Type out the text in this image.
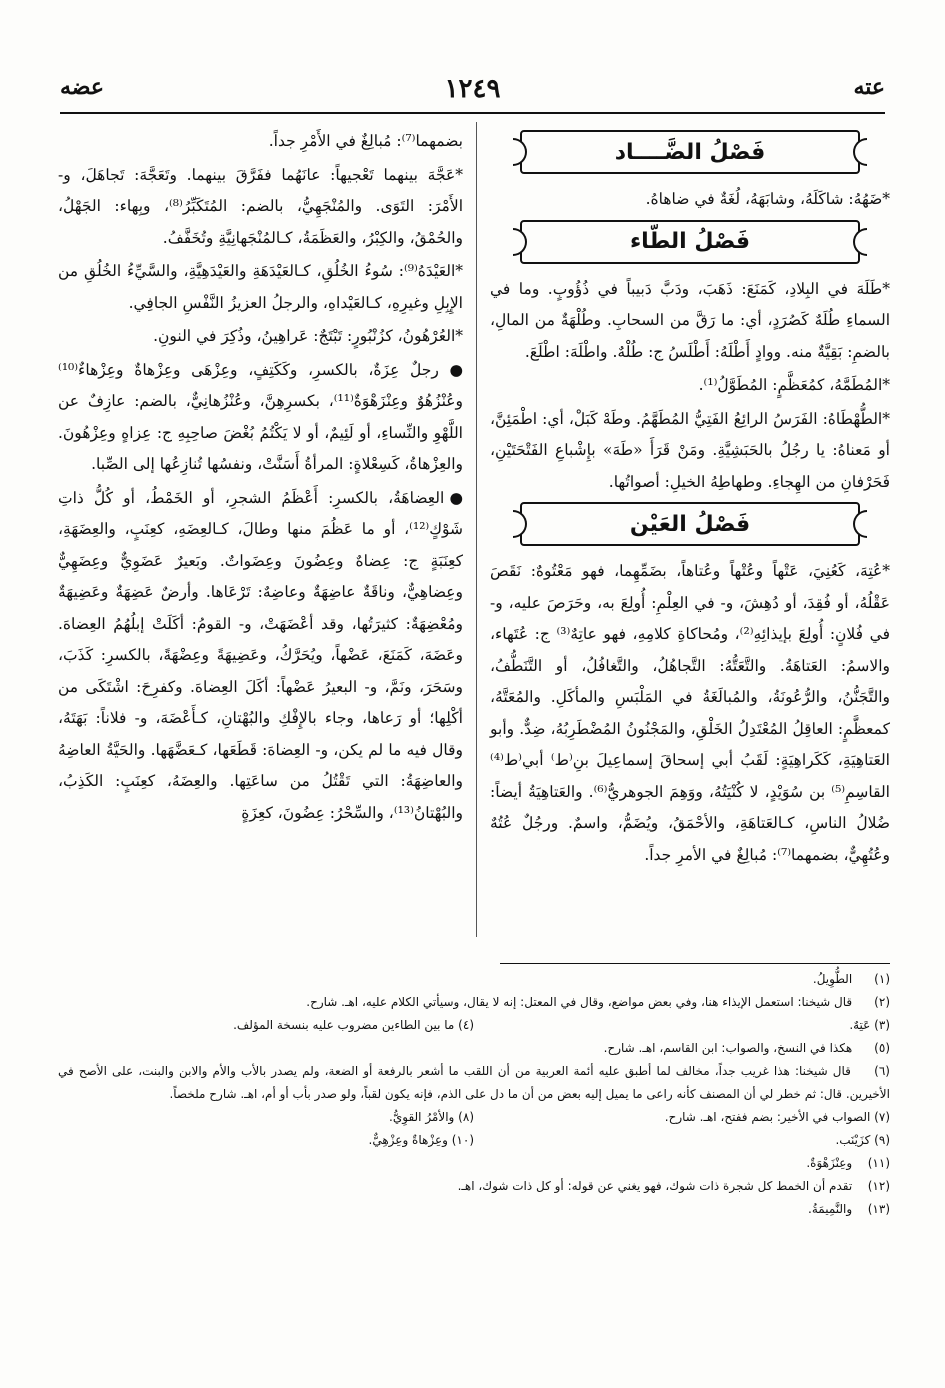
عضه	١٢٤٩	عته
فَصْلُ الضَّــــاد

*ضَهُهُ: شاكَلَهُ، وشابَهَهُ، لُغَةٌ في ضاهاهُ.

فَصْلُ الطّاء

*طَلَهَ في البِلادِ، كَمَنَعَ: ذَهَبَ، ودَبَّ دَبيباً في ذُؤُوبٍ. وما في السماءِ طُلَهٌ كَصُرَدٍ، أي: ما رَقَّ من السحابِ. وطُلْهَةٌ من المالِ، بالضمِ: بَقِيَّةٌ منه. ووادٍ أَطْلَهُ: أَطْلَسُ ج: طُلْهٌ. واطْلَهَ: اطْلَعَ.

*المُطَمَّهُ، كمُعَظَّمٍ: المُطَوَّلُ⁽¹⁾.

*الطُّهْطَاهُ: الفَرَسُ الرائِعُ الفَتِيُّ المُطَهَّمُ. وطَهْ كَبَلْ، أي: اطْمَئِنَّ، أو مَعناهُ: يا رجُلُ بالحَبَشِيَّةِ. ومَنْ قَرَأَ «طَهَ» بإِشْباعِ الفَتْحَتَيْنِ، فَحَرْفانِ من الهِجاءِ. وطهاطِهُ الخيلِ: أصواتُها.

فَصْلُ العَيْن

*عُتِهَ، كَعُنِيَ، عَتْهاً وعُتْهاً وعُتاهاً، بضَمِّهِما، فهو مَعْتُوهٌ: نَقَصَ عَقْلُهُ، أو فُقِدَ، أو دُهِشَ، و- في العِلْمِ: أُولِعَ به، وحَرَصَ عليه، و- في فُلانٍ: أُولِعَ بإيذائِهِ⁽²⁾، ومُحاكاةِ كلامِهِ، فهو عاتِهٌ⁽³⁾ ج: عُتَهاء، والاسمُ: العَتاهَةُ. والتَّعَتُّهُ: التَّجاهُلُ، والتَّغافُلُ، أو التَّنَطُّفُ، والتَّجَنُّنُ، والرُّعُونَةُ، والمُبالَغَةُ في المَلْبَسِ والمأكَلِ. والمُعَتَّهُ، كمعظَّمٍ: العاقِلُ المُعْتَدِلُ الخَلْقِ، والمَجْنُونُ المُضْطَرِبُهُ، ضِدٌّ. وأبو العَتاهِيَةِ، كَكَراهِيَةٍ: لَقَبُ أبي إسحاقَ إسماعِيلَ بنِ⁽ط⁾ أبي⁽ط⁽⁴⁾ القاسِمِ⁽⁵⁾ بن سُوَيْدٍ، لا كُنْيَتُهُ، ووَهِمَ الجوهريُّ⁽⁶⁾. والعَتاهِيَةُ أيضاً: ضُلالُ الناسِ، كـالعَتاهَةِ، والأحْمَقُ، ويُضَمُّ، واسمٌ. ورجُلٌ عُتُهٌ وعُتُهِيٌّ، بضمهما⁽⁷⁾: مُبالِغٌ في الأمرِ جداً.

بضمهما⁽⁷⁾: مُبالِغٌ في الأَمْرِ جداً.

*عَجَّهَ بينهما تَعْجيهاً: عانَهُما ففَرَّقَ بينهما. وتَعَجَّهَ: تَجاهَلَ، و- الأَمْرَ: التَوَى. والمُنْجَهِيُّ، بالضم: المُتَكَبِّرُ⁽⁸⁾، وبِهاء: الجَهْلُ، والحُمْقُ، والكِبْرُ، والعَظَمَةُ، كـالمُنْجَهانِيَّةِ وتُخَفَّفُ.

*العَيْدَهُ⁽⁹⁾: سُوءُ الخُلُقِ، كـالعَيْدَهَةِ والعَيْدَهِيَّةِ، والسَّيِّءُ الخُلُقِ من الإِبِلِ وغيرِهِ، كـالعَيْداهِ، والرجلُ العزيزُ النَّفْسِ الجافِي.

*العُرْهُونُ، كزُنْبُورٍ: تَبْتَجٌ: عَراهِينُ، وذُكِرَ في النونِ.

● رجلٌ عِزَةٌ، بالكسرِ، وكَكَتِفٍ، وعِزْهَى وعِزْهاةٌ وعِزْهاءٌ⁽¹⁰⁾ وعُنْزُهُوٌ وعِنْزَهْوَةٌ⁽¹¹⁾، بكسرِهِنَّ، وعُنْزُهانِيٌّ، بالضم: عازِفٌ عن اللَّهْوِ والنِّساءِ، أو لَئِيمٌ، أو لا يَكْتُمُ بُغْضَ صاحِبِهِ ج: عِزاهٍ وعِزْهُونَ. والعِزْهاةُ، كَسِعْلاةٍ: المرأةُ أَسَنَّتْ، ونفسُها تُنازِعُها إلى الصِّبا.

●العِضاهَةُ، بالكسرِ: أَعْظَمُ الشجرِ، أو الخَمْطُ، أو كُلُّ ذاتِ شَوْكٍ⁽¹²⁾، أو ما عَظُمَ منها وطالَ، كـالعِضَهِ، كعِنَبٍ، والعِضَهَةِ، كعِنَبَةٍ ج: عِضاهٌ وعِضُونَ وعِضَواتٌ. وبَعيرٌ عَضَوِيٌّ وعِضَهِيٌّ وعِضاهِيٌّ، وناقَةٌ عاضِهَةٌ وعاضِهٌ: تَرْعَاها. وأرضٌ عَضِهَةٌ وعَضِيهَةٌ ومُعْضِهَةٌ: كثيرَتُها، وقد أعْضَهَتْ، و- القومُ: أكَلَتْ إبلُهُمُ العِضاهَ. وعَضَهَ، كَمَنَعَ، عَضْهاً، ويُحَرَّكُ، وعَضِيهَةً وعِضْهَةً، بالكسرِ: كَذَبَ، وسَحَرَ، ونَمَّ، و- البعيرُ عَضْهاً: أكَلَ العِضاهَ. وكفرِحَ: اشْتَكَى من أكْلِها؛ أو رَعاها، وجاء بالإِفْكِ والبُهْتانِ، كـأَعْضَهَ، و- فلاناً: بَهَتَهُ، وقال فيه ما لم يكن، و- العِضاهَ: قَطَعَها، كـعَضَّهَها. والحَيَّةُ العاضِهُ والعاضِهَةُ: التي تَقْتُلُ من ساعَتِها. والعِضَهُ، كعِنَبٍ: الكَذِبُ، والبُهْتانُ⁽¹³⁾، والسِّحْرُ: عِضُونَ، كعِزَةٍ

(١) الطُّوِيلُ.
(٢) قال شيخنا: استعمل الإيذاء هنا، وفي بعض مواضع، وقال في المعتل: إنه لا يقال، وسيأتي الكلام عليه، اهـ. شارح.
(٣) عَتِهٌ.
(٤) ما بين الطاءين مضروب عليه بنسخة المؤلف.
(٥) هكذا في النسخ، والصواب: ابن القاسم، اهـ. شارح.
(٦) قال شيخنا: هذا غريب جداً، مخالف لما أطبق عليه أئمة العربية من أن اللقب ما أشعر بالرفعة أو الضعة، ولم يصدر بالأب والأم والابن والبنت، على الأصح في الأخيرين. قال: ثم خطر لي أن المصنف كأنه راعى ما يميل إليه بعض من أن ما دل على الذم، فإنه يكون لقباً، ولو صدر بأب أو أم، اهـ. شارح ملخصاً.
(٧) الصواب في الأخير: بضم ففتح، اهـ. شارح.
(٨) والأمْرُ القوِيُّ.
(٩) كزَيْنَب.
(١٠) وعِزْهاةٌ وعِزْهِيٌّ.
(١١) وعِنْزَهْوَةٌ.
(١٢) تقدم أن الخمط كل شجرة ذات شوك، فهو يغني عن قوله: أو كل ذات شوك، اهـ.
(١٣) والنَّمِيمَةُ.
